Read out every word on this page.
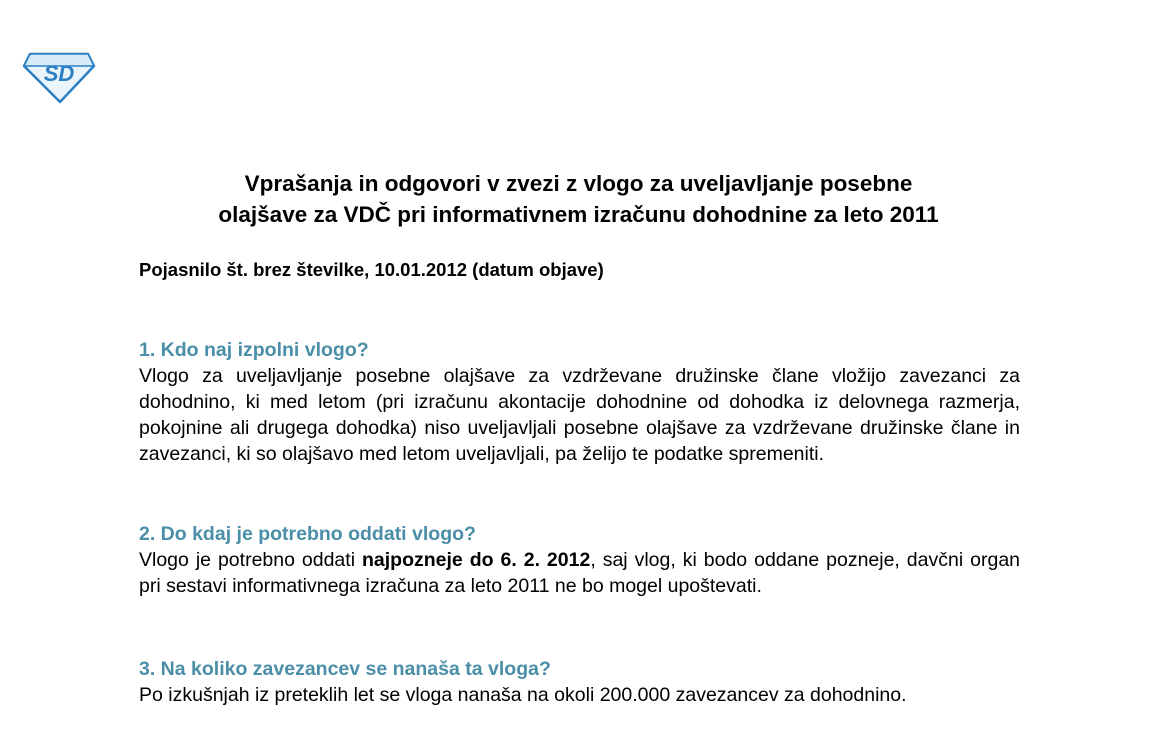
SD
Vprašanja in odgovori v zvezi z vlogo za uveljavljanje posebne
olajšave za VDČ pri informativnem izračunu dohodnine za leto 2011

Pojasnilo št. brez številke, 10.01.2012 (datum objave)

1. Kdo naj izpolni vlogo?

Vlogo za uveljavljanje posebne olajšave za vzdrževane družinske člane vložijo zavezanci za dohodnino, ki med letom (pri izračunu akontacije dohodnine od dohodka iz delovnega razmerja, pokojnine ali drugega dohodka) niso uveljavljali posebne olajšave za vzdrževane družinske člane in zavezanci, ki so olajšavo med letom uveljavljali, pa želijo te podatke spremeniti.

2. Do kdaj je potrebno oddati vlogo?

Vlogo je potrebno oddati najpozneje do 6. 2. 2012, saj vlog, ki bodo oddane pozneje, davčni organ pri sestavi informativnega izračuna za leto 2011 ne bo mogel upoštevati.

3. Na koliko zavezancev se nanaša ta vloga?

Po izkušnjah iz preteklih let se vloga nanaša na okoli 200.000 zavezancev za dohodnino.
